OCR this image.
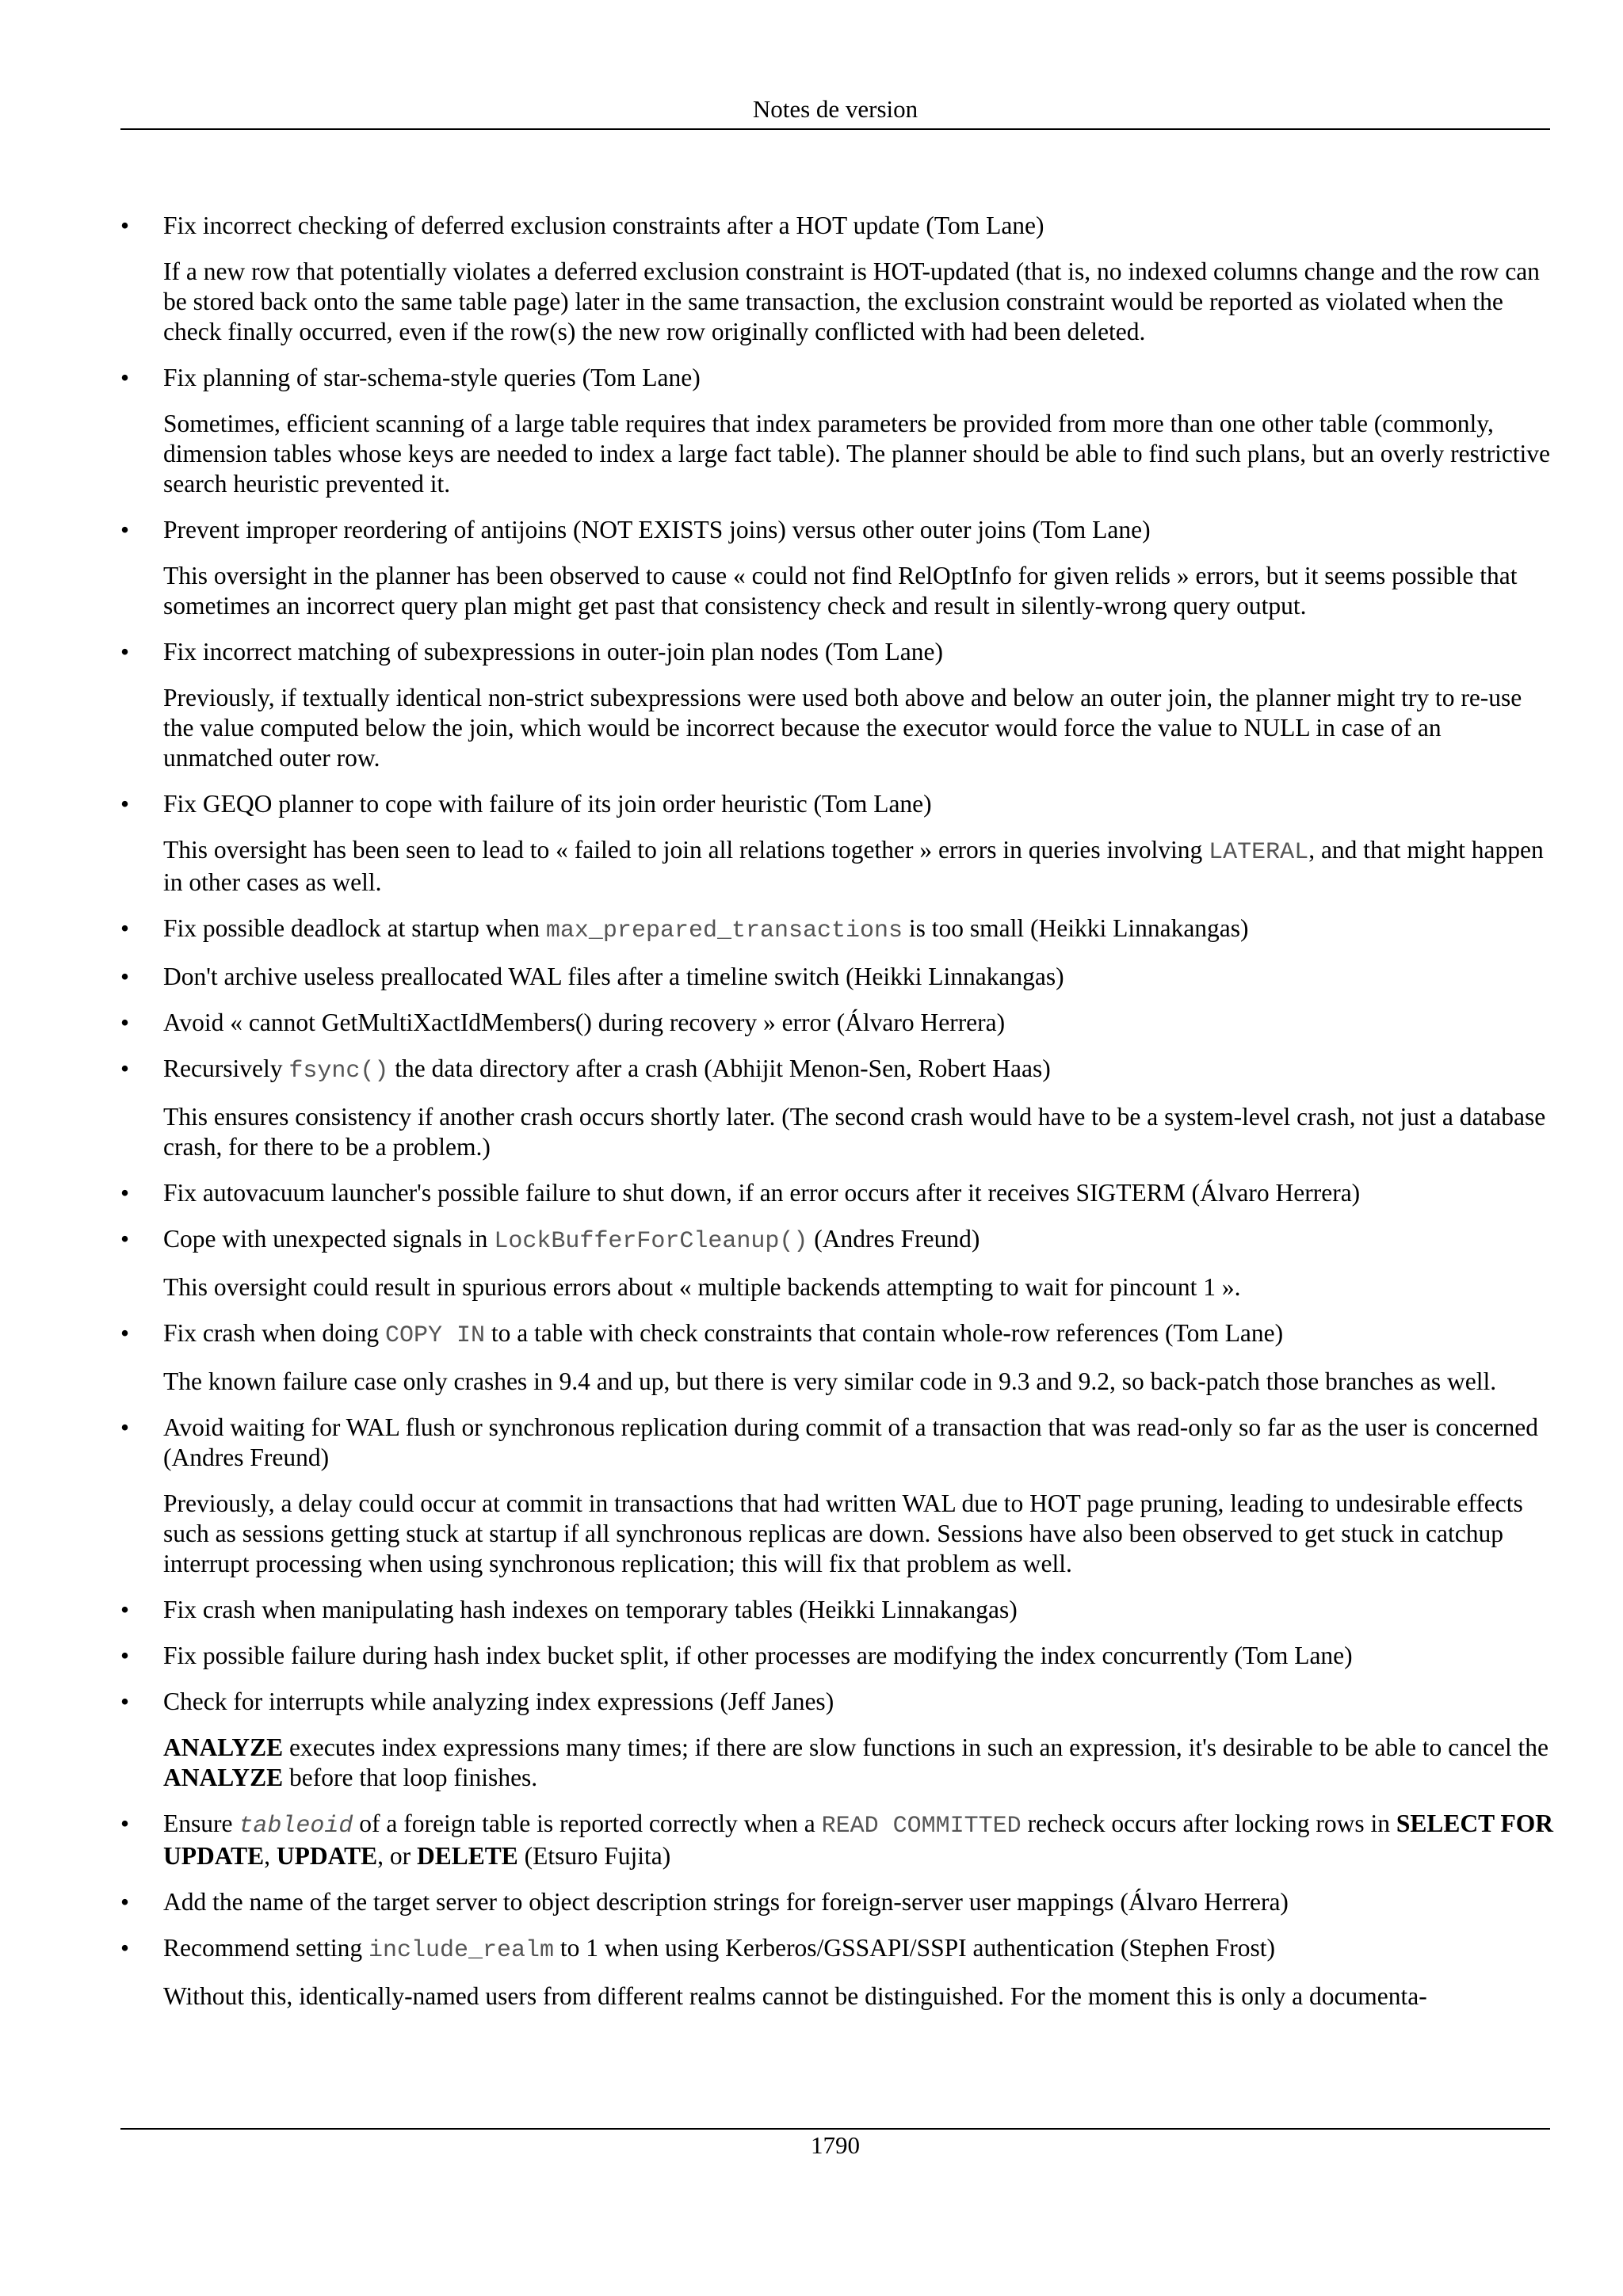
Notes de version
•	Fix incorrect checking of deferred exclusion constraints after a HOT update (Tom Lane)

If a new row that potentially violates a deferred exclusion constraint is HOT-updated (that is, no indexed columns change and the row can be stored back onto the same table page) later in the same transaction, the exclusion constraint would be reported as violated when the check finally occurred, even if the row(s) the new row originally conflicted with had been deleted.

•	Fix planning of star-schema-style queries (Tom Lane)

Sometimes, efficient scanning of a large table requires that index parameters be provided from more than one other table (commonly, dimension tables whose keys are needed to index a large fact table). The planner should be able to find such plans, but an overly restrictive search heuristic prevented it.

•	Prevent improper reordering of antijoins (NOT EXISTS joins) versus other outer joins (Tom Lane)

This oversight in the planner has been observed to cause « could not find RelOptInfo for given relids » errors, but it seems possible that sometimes an incorrect query plan might get past that consistency check and result in silently-wrong query output.

•	Fix incorrect matching of subexpressions in outer-join plan nodes (Tom Lane)

Previously, if textually identical non-strict subexpressions were used both above and below an outer join, the planner might try to re-use the value computed below the join, which would be incorrect because the executor would force the value to NULL in case of an unmatched outer row.

•	Fix GEQO planner to cope with failure of its join order heuristic (Tom Lane)

This oversight has been seen to lead to « failed to join all relations together » errors in queries involving LATERAL, and that might happen in other cases as well.

•	Fix possible deadlock at startup when max_prepared_transactions is too small (Heikki Linnakangas)

•	Don't archive useless preallocated WAL files after a timeline switch (Heikki Linnakangas)

•	Avoid « cannot GetMultiXactIdMembers() during recovery » error (Álvaro Herrera)

•	Recursively fsync() the data directory after a crash (Abhijit Menon-Sen, Robert Haas)

This ensures consistency if another crash occurs shortly later. (The second crash would have to be a system-level crash, not just a database crash, for there to be a problem.)

•	Fix autovacuum launcher's possible failure to shut down, if an error occurs after it receives SIGTERM (Álvaro Herrera)

•	Cope with unexpected signals in LockBufferForCleanup() (Andres Freund)

This oversight could result in spurious errors about « multiple backends attempting to wait for pincount 1 ».

•	Fix crash when doing COPY IN to a table with check constraints that contain whole-row references (Tom Lane)

The known failure case only crashes in 9.4 and up, but there is very similar code in 9.3 and 9.2, so back-patch those branches as well.

•	Avoid waiting for WAL flush or synchronous replication during commit of a transaction that was read-only so far as the user is concerned (Andres Freund)

Previously, a delay could occur at commit in transactions that had written WAL due to HOT page pruning, leading to undesirable effects such as sessions getting stuck at startup if all synchronous replicas are down. Sessions have also been observed to get stuck in catchup interrupt processing when using synchronous replication; this will fix that problem as well.

•	Fix crash when manipulating hash indexes on temporary tables (Heikki Linnakangas)

•	Fix possible failure during hash index bucket split, if other processes are modifying the index concurrently (Tom Lane)

•	Check for interrupts while analyzing index expressions (Jeff Janes)

ANALYZE executes index expressions many times; if there are slow functions in such an expression, it's desirable to be able to cancel the ANALYZE before that loop finishes.

•	Ensure tableoid of a foreign table is reported correctly when a READ COMMITTED recheck occurs after locking rows in SELECT FOR UPDATE, UPDATE, or DELETE (Etsuro Fujita)

•	Add the name of the target server to object description strings for foreign-server user mappings (Álvaro Herrera)

•	Recommend setting include_realm to 1 when using Kerberos/GSSAPI/SSPI authentication (Stephen Frost)

Without this, identically-named users from different realms cannot be distinguished. For the moment this is only a documenta-

1790
